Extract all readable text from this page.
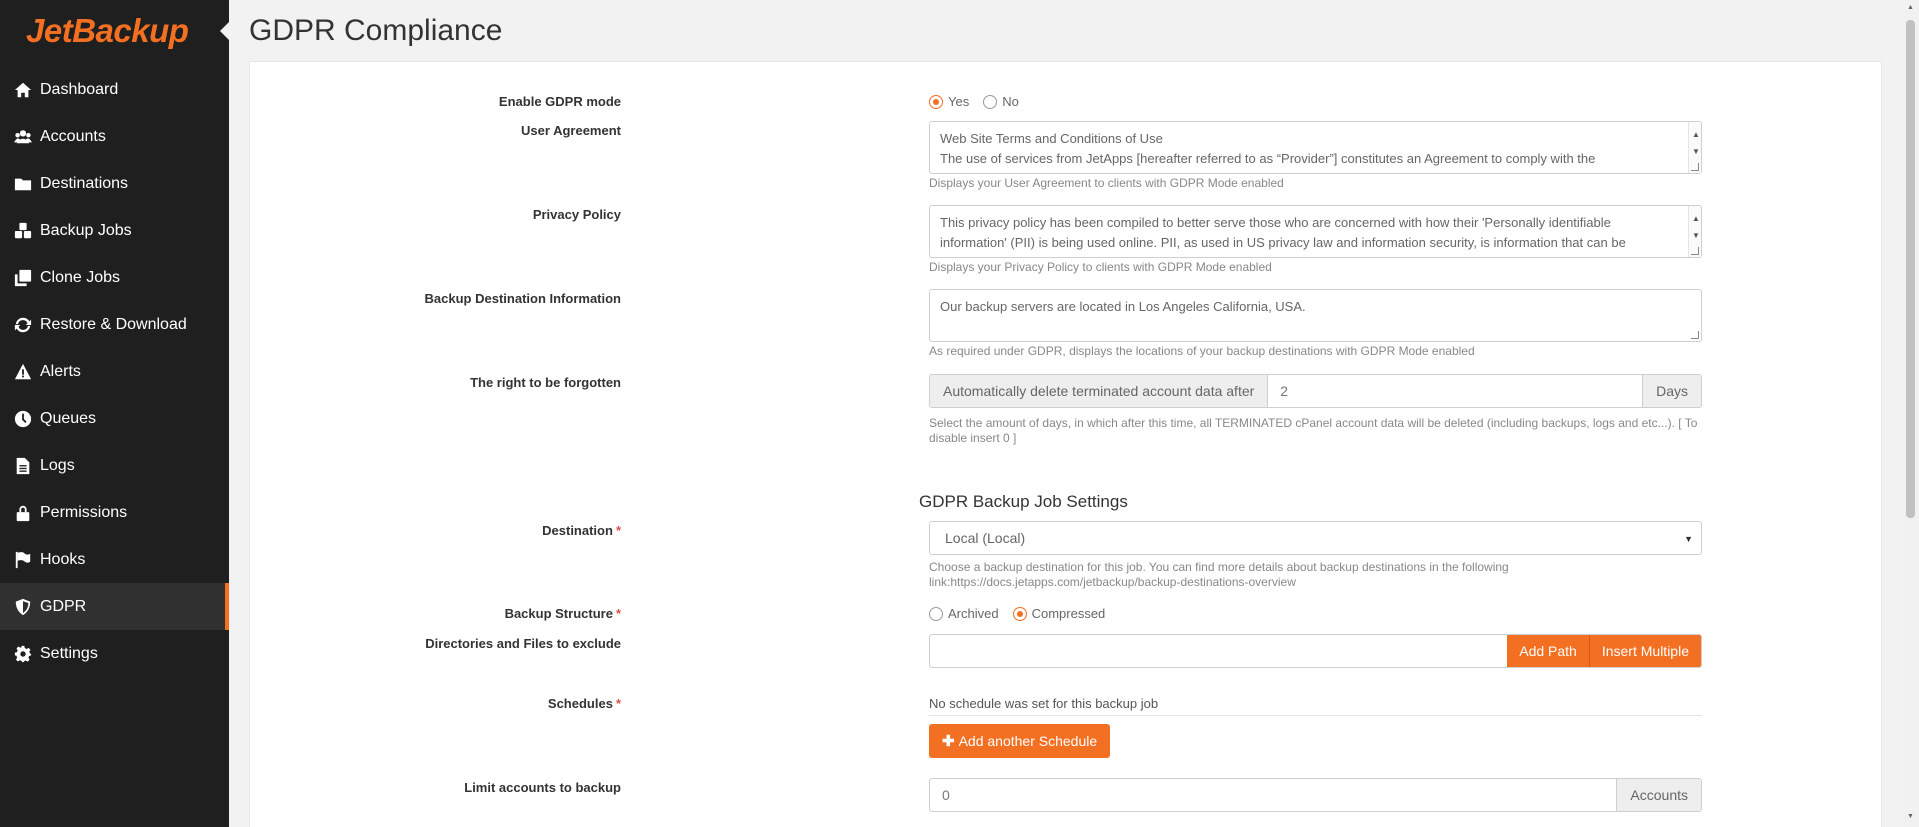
JetBackup
Dashboard
Accounts
Destinations
Backup Jobs
Clone Jobs
Restore & Download
Alerts
Queues
Logs
Permissions
Hooks
GDPR
Settings
GDPR Compliance
Enable GDPR mode	Yes	No
User Agreement
Web Site Terms and Conditions of Use
The use of services from JetApps [hereafter referred to as “Provider”] constitutes an Agreement to comply with the
▲
▼
Displays your User Agreement to clients with GDPR Mode enabled
Privacy Policy
This privacy policy has been compiled to better serve those who are concerned with how their 'Personally identifiable
information' (PII) is being used online. PII, as used in US privacy law and information security, is information that can be
▲
▼
Displays your Privacy Policy to clients with GDPR Mode enabled
Backup Destination Information
Our backup servers are located in Los Angeles California, USA.
As required under GDPR, displays the locations of your backup destinations with GDPR Mode enabled
The right to be forgotten
Automatically delete terminated account data after	2	Days
Select the amount of days, in which after this time, all TERMINATED cPanel account data will be deleted (including backups, logs and etc...). [ To disable insert 0 ]
GDPR Backup Job Settings
Destination *	Local (Local)	▼
Choose a backup destination for this job. You can find more details about backup destinations in the following link:https://docs.jetapps.com/jetbackup/backup-destinations-overview
Backup Structure *	Archived	Compressed
Directories and Files to exclude	Add Path	Insert Multiple
Schedules *	No schedule was set for this backup job
✚ Add another Schedule
Limit accounts to backup	0	Accounts
▲
▼
